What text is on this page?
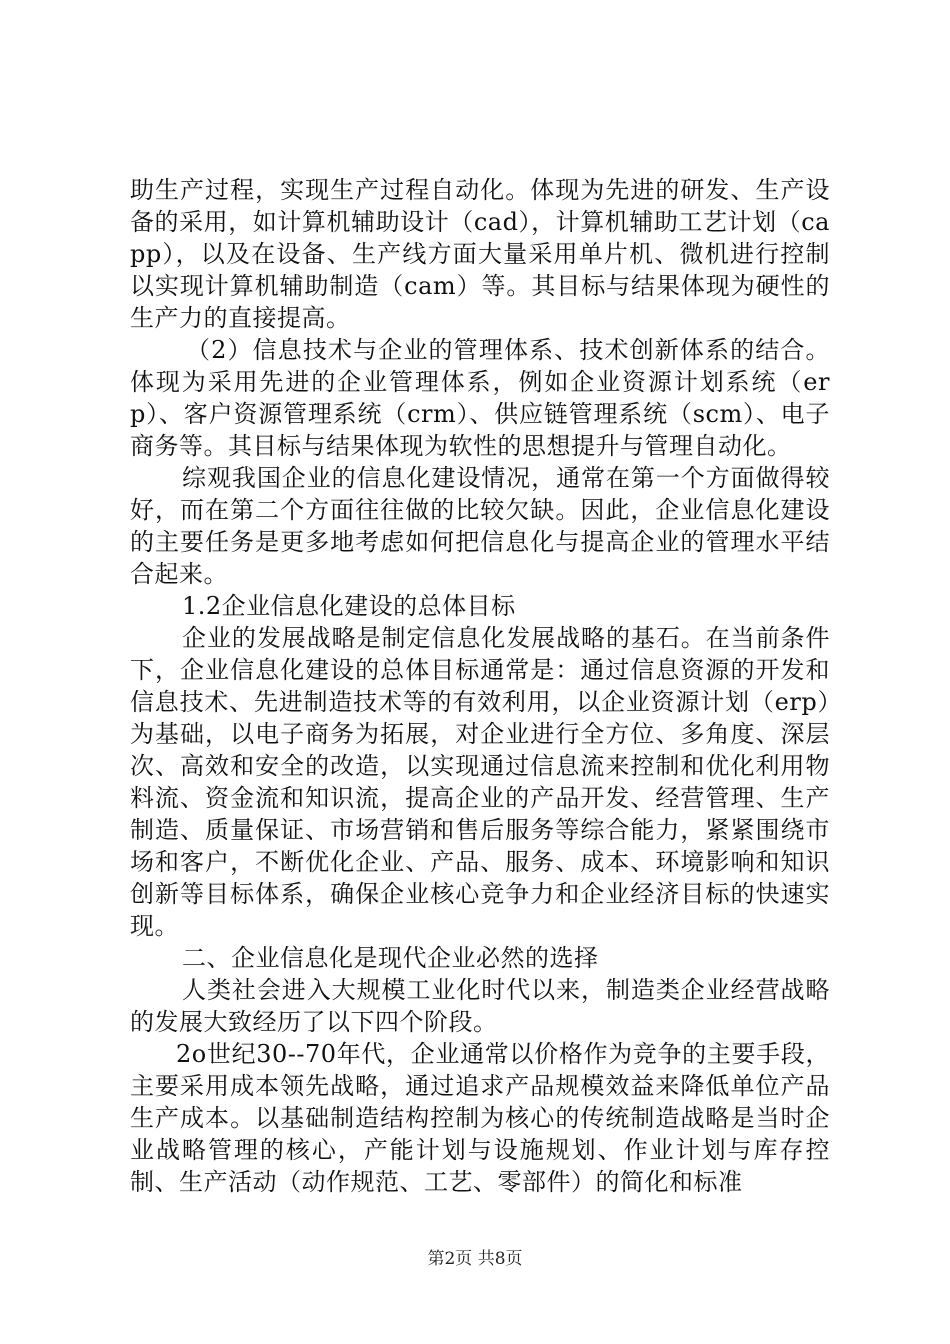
助生产过程，实现生产过程自动化。体现为先进的研发、生产设备的采用，如计算机辅助设计（cad），计算机辅助工艺计划（capp），以及在设备、生产线方面大量采用单片机、微机进行控制以实现计算机辅助制造（cam）等。其目标与结果体现为硬性的生产力的直接提高。

（2）信息技术与企业的管理体系、技术创新体系的结合。体现为采用先进的企业管理体系，例如企业资源计划系统（erp）、客户资源管理系统（crm）、供应链管理系统（scm）、电子商务等。其目标与结果体现为软性的思想提升与管理自动化。

综观我国企业的信息化建设情况，通常在第一个方面做得较好，而在第二个方面往往做的比较欠缺。因此，企业信息化建设的主要任务是更多地考虑如何把信息化与提高企业的管理水平结合起来。

1.2企业信息化建设的总体目标

企业的发展战略是制定信息化发展战略的基石。在当前条件下，企业信息化建设的总体目标通常是：通过信息资源的开发和信息技术、先进制造技术等的有效利用，以企业资源计划（erp）为基础，以电子商务为拓展，对企业进行全方位、多角度、深层次、高效和安全的改造，以实现通过信息流来控制和优化利用物料流、资金流和知识流，提高企业的产品开发、经营管理、生产制造、质量保证、市场营销和售后服务等综合能力，紧紧围绕市场和客户，不断优化企业、产品、服务、成本、环境影响和知识创新等目标体系，确保企业核心竞争力和企业经济目标的快速实现。

二、企业信息化是现代企业必然的选择

人类社会进入大规模工业化时代以来，制造类企业经营战略的发展大致经历了以下四个阶段。

2o世纪30--70年代，企业通常以价格作为竞争的主要手段，主要采用成本领先战略，通过追求产品规模效益来降低单位产品生产成本。以基础制造结构控制为核心的传统制造战略是当时企业战略管理的核心，产能计划与设施规划、作业计划与库存控制、生产活动（动作规范、工艺、零部件）的简化和标准

第2页 共8页
